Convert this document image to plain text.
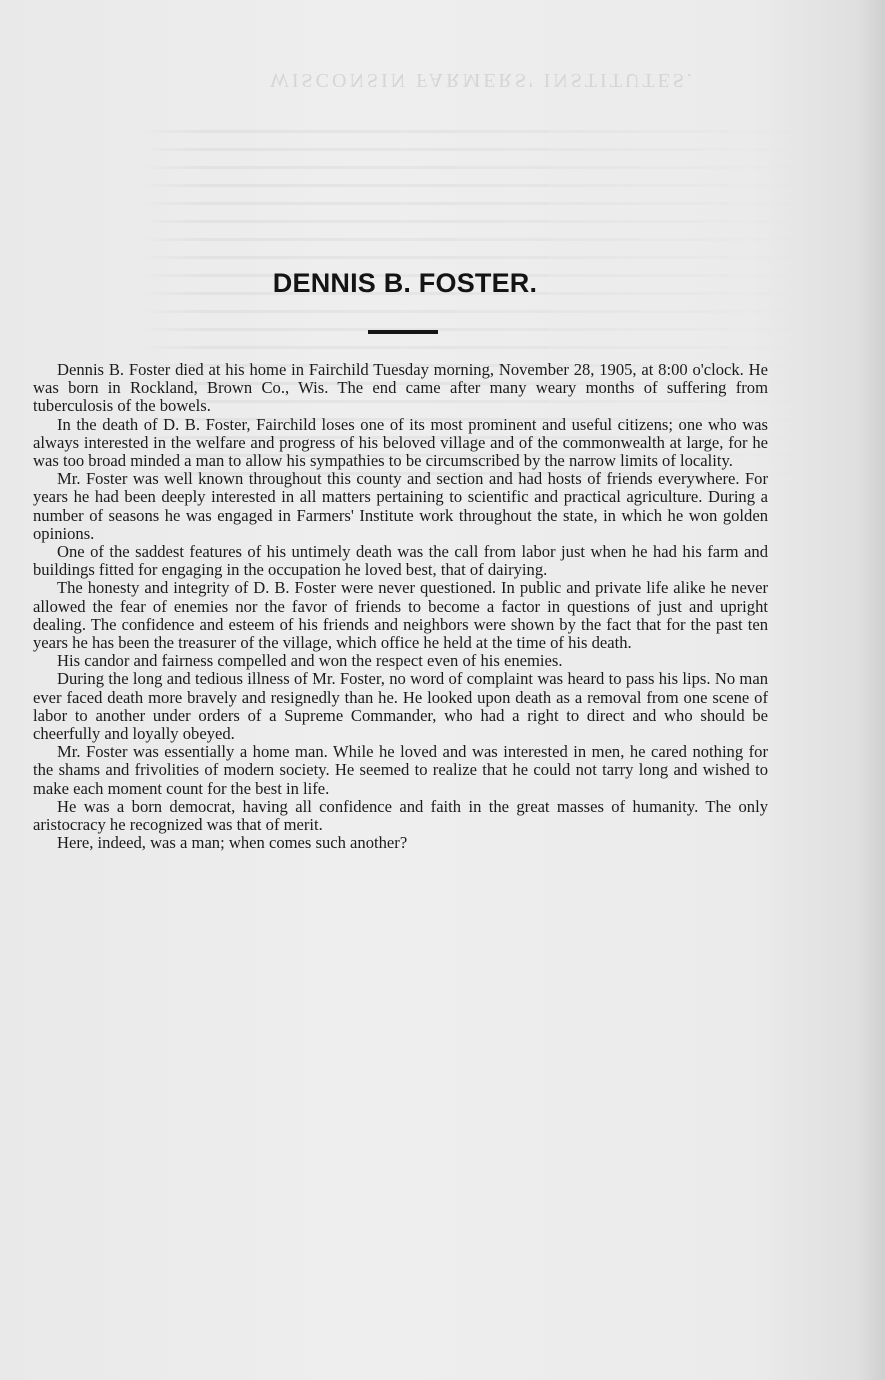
WISCONSIN FARMERS' INSTITUTES.
DENNIS B. FOSTER.

Dennis B. Foster died at his home in Fairchild Tuesday morning, November 28, 1905, at 8:00 o'clock. He was born in Rockland, Brown Co., Wis. The end came after many weary months of suffering from tuberculosis of the bowels.

In the death of D. B. Foster, Fairchild loses one of its most prominent and useful citizens; one who was always interested in the welfare and progress of his beloved village and of the commonwealth at large, for he was too broad minded a man to allow his sympathies to be circumscribed by the narrow limits of locality.

Mr. Foster was well known throughout this county and section and had hosts of friends everywhere. For years he had been deeply interested in all matters pertaining to scientific and practical agriculture. During a number of seasons he was engaged in Farmers' Institute work throughout the state, in which he won golden opinions.

One of the saddest features of his untimely death was the call from labor just when he had his farm and buildings fitted for engaging in the occupation he loved best, that of dairying.

The honesty and integrity of D. B. Foster were never questioned. In public and private life alike he never allowed the fear of enemies nor the favor of friends to become a factor in questions of just and upright dealing. The confidence and esteem of his friends and neighbors were shown by the fact that for the past ten years he has been the treasurer of the village, which office he held at the time of his death.

His candor and fairness compelled and won the respect even of his enemies.

During the long and tedious illness of Mr. Foster, no word of complaint was heard to pass his lips. No man ever faced death more bravely and resignedly than he. He looked upon death as a removal from one scene of labor to another under orders of a Supreme Commander, who had a right to direct and who should be cheerfully and loyally obeyed.

Mr. Foster was essentially a home man. While he loved and was interested in men, he cared nothing for the shams and frivolities of modern society. He seemed to realize that he could not tarry long and wished to make each moment count for the best in life.

He was a born democrat, having all confidence and faith in the great masses of humanity. The only aristocracy he recognized was that of merit.

Here, indeed, was a man; when comes such another?
